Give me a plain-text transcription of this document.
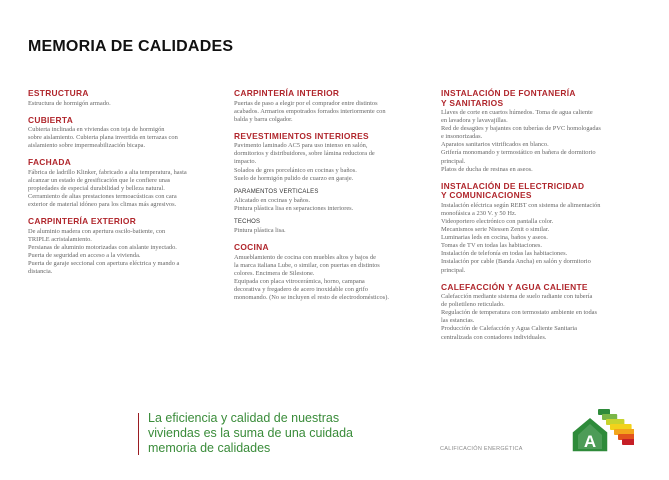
MEMORIA DE CALIDADES
ESTRUCTURA

Estructura de hormigón armado.

CUBIERTA

Cubierta inclinada en viviendas con teja de hormigón
sobre aislamiento. Cubierta plana invertida en terrazas con
aislamiento sobre impermeabilización bicapa.

FACHADA

Fábrica de ladrillo Klinker, fabricado a alta temperatura, hasta
alcanzar un estado de gresificación que le confiere unas
propiedades de especial durabilidad y belleza natural.
Cerramiento de altas prestaciones termoacústicas con cara
exterior de material idóneo para los climas más agresivos.

CARPINTERÍA EXTERIOR

De aluminio madera con apertura osciło-batiente, con
TRIPLE acristalamiento.
Persianas de aluminio motorizadas con aislante inyectado.
Puerta de seguridad en acceso a la vivienda.
Puerta de garaje seccional con apertura eléctrica y mando a
distancia.

CARPINTERÍA INTERIOR

Puertas de paso a elegir por el comprador entre distintos
acabados. Armarios empotrados forrados interiormente con
balda y barra colgador.

REVESTIMIENTOS INTERIORES

Pavimento laminado AC5 para uso intenso en salón,
dormitorios y distribuidores, sobre lámina reductora de
impacto.
Solados de gres porcelánico en cocinas y baños.
Suelo de hormigón pulido de cuarzo en garaje.

PARAMENTOS VERTICALES

Alicatado en cocinas y baños.
Pintura plástica lisa en separaciones interiores.

TECHOS

Pintura plástica lisa.

COCINA

Amueblamiento de cocina con muebles altos y bajos de
la marca italiana Lube, o similar, con puertas en distintos
colores. Encimera de Silestone.
Equipada con placa vitrocerámica, horno, campana
decorativa y fregadero de acero inoxidable con grifo
monomando. (No se incluyen el resto de electrodomésticos).

INSTALACIÓN DE FONTANERÍA
Y SANITARIOS

Llaves de corte en cuartos húmedos. Toma de agua caliente
en lavadora y lavavajillas.
Red de desagües y bajantes con tuberías de PVC homologadas
e insonorizadas.
Aparatos sanitarios vitrificados en blanco.
Grifería monomando y termostático en bañera de dormitorio
principal.
Platos de ducha de resinas en aseos.

INSTALACIÓN DE ELECTRICIDAD
Y COMUNICACIONES

Instalación eléctrica según REBT con sistema de alimentación
monofásica a 230 V. y 50 Hz.
Videoportero electrónico con pantalla color.
Mecanismos serie Niessen Zenit o similar.
Luminarias leds en cocina, baños y aseos.
Tomas de TV en todas las habitaciones.
Instalación de telefonía en todas las habitaciones.
Instalación por cable (Banda Ancha) en salón y dormitorio
principal.

CALEFACCIÓN Y AGUA CALIENTE

Calefacción mediante sistema de suelo radiante con tubería
de polietileno reticulado.
Regulación de temperatura con termostato ambiente en todas
las estancias.
Producción de Calefacción y Agua Caliente Sanitaria
centralizada con contadores individuales.

La eficiencia y calidad de nuestras
viviendas es la suma de una cuidada
memoria de calidades	CALIFICACIÓN ENERGÉTICA	A
